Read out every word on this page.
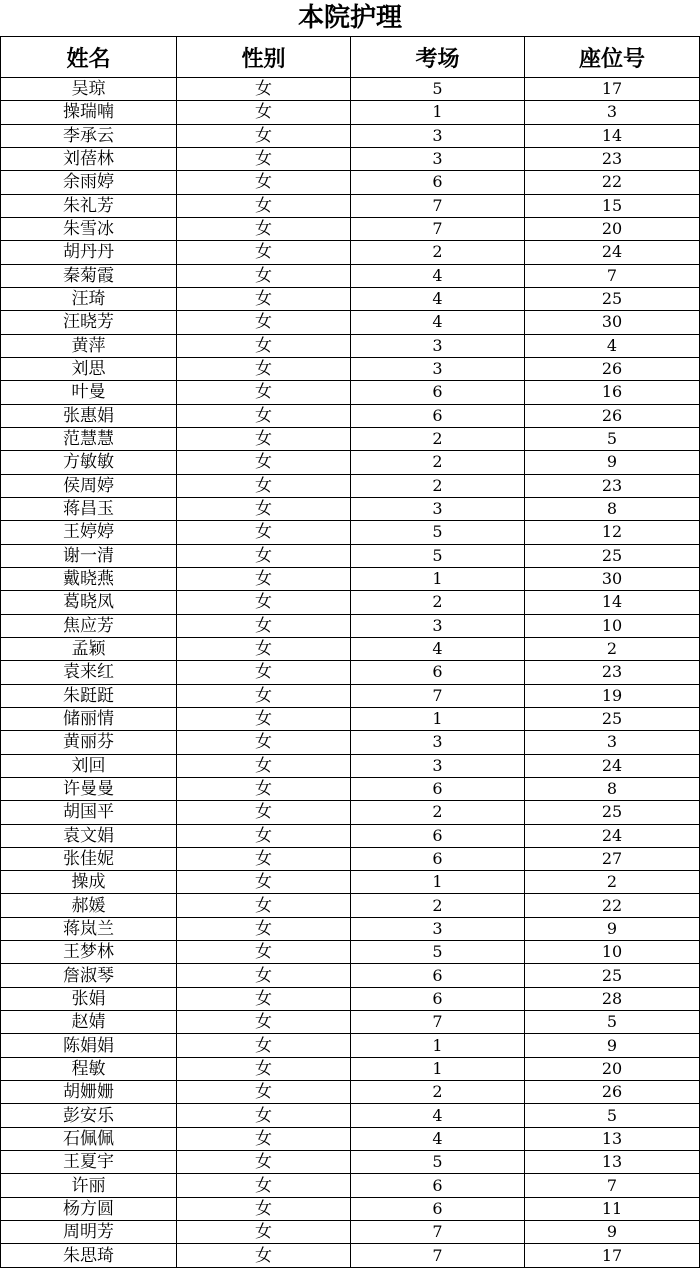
本院护理
姓名	性别	考场	座位号
吴琼	女	5	17
操瑞喃	女	1	3
李承云	女	3	14
刘蓓林	女	3	23
余雨婷	女	6	22
朱礼芳	女	7	15
朱雪冰	女	7	20
胡丹丹	女	2	24
秦菊霞	女	4	7
汪琦	女	4	25
汪晓芳	女	4	30
黄萍	女	3	4
刘思	女	3	26
叶曼	女	6	16
张惠娟	女	6	26
范慧慧	女	2	5
方敏敏	女	2	9
侯周婷	女	2	23
蒋昌玉	女	3	8
王婷婷	女	5	12
谢一清	女	5	25
戴晓燕	女	1	30
葛晓凤	女	2	14
焦应芳	女	3	10
孟颖	女	4	2
袁来红	女	6	23
朱跹跹	女	7	19
储丽情	女	1	25
黄丽芬	女	3	3
刘回	女	3	24
许曼曼	女	6	8
胡国平	女	2	25
袁文娟	女	6	24
张佳妮	女	6	27
操成	女	1	2
郝媛	女	2	22
蒋岚兰	女	3	9
王梦林	女	5	10
詹淑琴	女	6	25
张娟	女	6	28
赵婧	女	7	5
陈娟娟	女	1	9
程敏	女	1	20
胡姗姗	女	2	26
彭安乐	女	4	5
石佩佩	女	4	13
王夏宇	女	5	13
许丽	女	6	7
杨方圆	女	6	11
周明芳	女	7	9
朱思琦	女	7	17
